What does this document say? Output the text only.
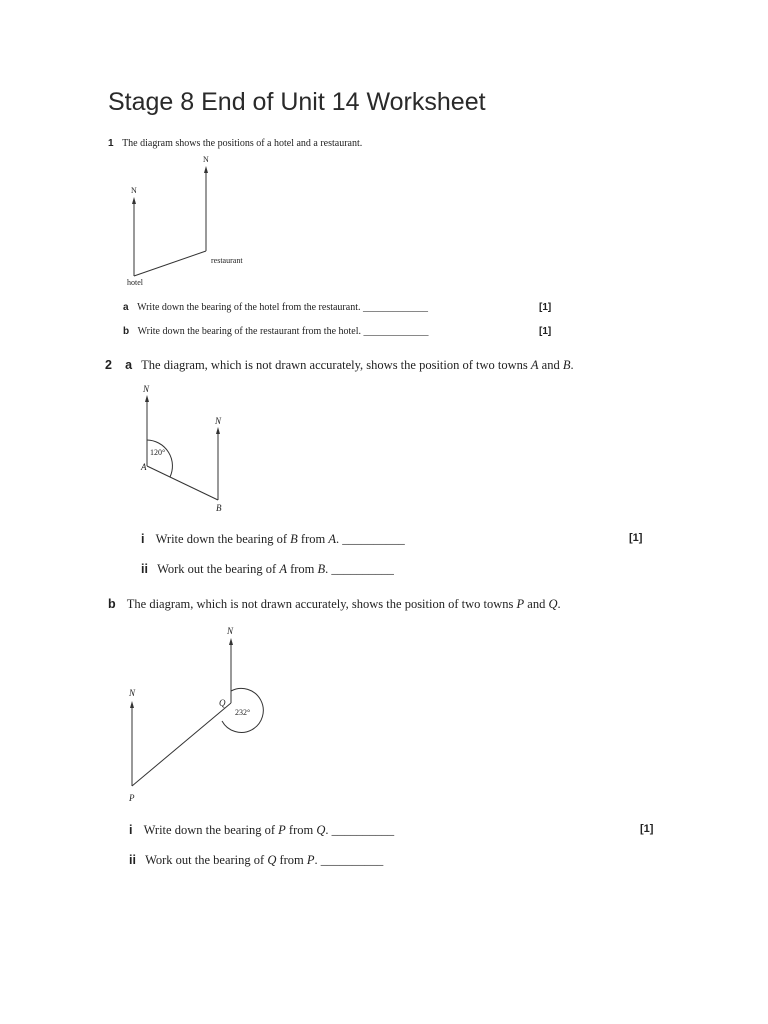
Stage 8 End of Unit 14 Worksheet
1 The diagram shows the positions of a hotel and a restaurant.
N
N
hotel
restaurant
a Write down the bearing of the hotel from the restaurant. _____________	[1]
b Write down the bearing of the restaurant from the hotel. _____________	[1]
2 a The diagram, which is not drawn accurately, shows the position of two towns A and B.
N
N
120°
A
B
i Write down the bearing of B from A. __________	[1]
ii Work out the bearing of A from B. __________
b The diagram, which is not drawn accurately, shows the position of two towns P and Q.
N
N
Q
232°
P
i Write down the bearing of P from Q. __________	[1]
ii Work out the bearing of Q from P. __________
